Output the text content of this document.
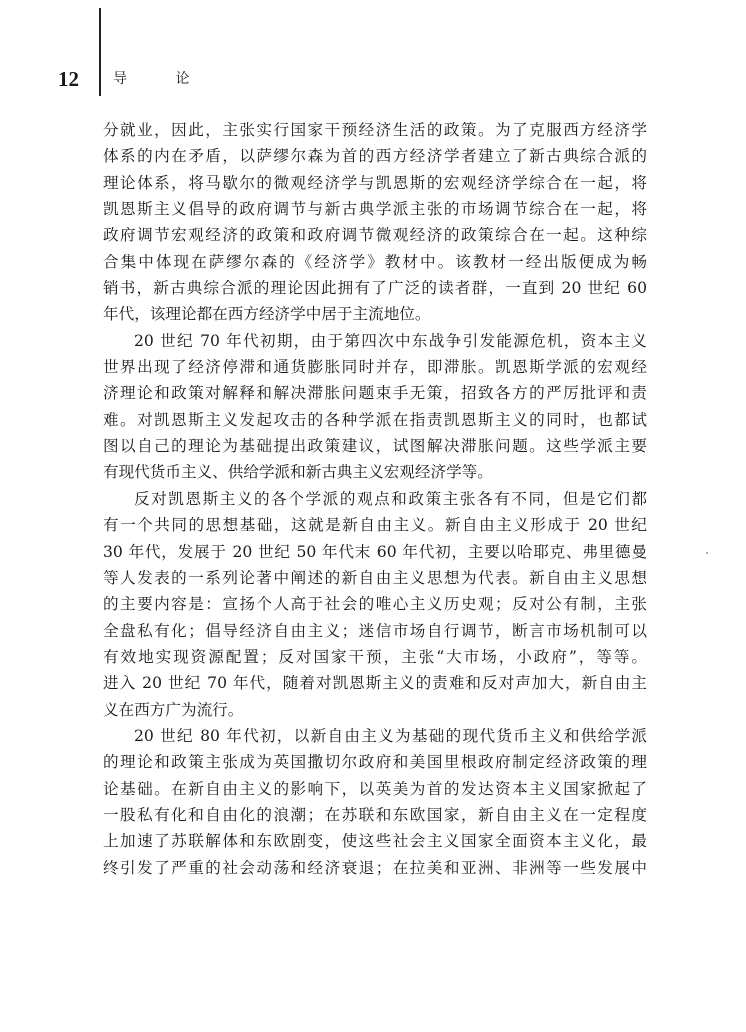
12 导 论
分就业，因此，主张实行国家干预经济生活的政策。为了克服西方经济学
体系的内在矛盾，以萨缪尔森为首的西方经济学者建立了新古典综合派的
理论体系，将马歇尔的微观经济学与凯恩斯的宏观经济学综合在一起，将
凯恩斯主义倡导的政府调节与新古典学派主张的市场调节综合在一起，将
政府调节宏观经济的政策和政府调节微观经济的政策综合在一起。这种综
合集中体现在萨缪尔森的《经济学》教材中。该教材一经出版便成为畅
销书，新古典综合派的理论因此拥有了广泛的读者群，一直到 20 世纪 60
年代，该理论都在西方经济学中居于主流地位。
20 世纪 70 年代初期，由于第四次中东战争引发能源危机，资本主义
世界出现了经济停滞和通货膨胀同时并存，即滞胀。凯恩斯学派的宏观经
济理论和政策对解释和解决滞胀问题束手无策，招致各方的严厉批评和责
难。对凯恩斯主义发起攻击的各种学派在指责凯恩斯主义的同时，也都试
图以自己的理论为基础提出政策建议，试图解决滞胀问题。这些学派主要
有现代货币主义、供给学派和新古典主义宏观经济学等。
反对凯恩斯主义的各个学派的观点和政策主张各有不同，但是它们都
有一个共同的思想基础，这就是新自由主义。新自由主义形成于 20 世纪
30 年代，发展于 20 世纪 50 年代末 60 年代初，主要以哈耶克、弗里德曼
等人发表的一系列论著中阐述的新自由主义思想为代表。新自由主义思想
的主要内容是：宣扬个人高于社会的唯心主义历史观；反对公有制，主张
全盘私有化；倡导经济自由主义；迷信市场自行调节，断言市场机制可以
有效地实现资源配置；反对国家干预，主张“大市场，小政府”，等等。
进入 20 世纪 70 年代，随着对凯恩斯主义的责难和反对声加大，新自由主
义在西方广为流行。
20 世纪 80 年代初，以新自由主义为基础的现代货币主义和供给学派
的理论和政策主张成为英国撒切尔政府和美国里根政府制定经济政策的理
论基础。在新自由主义的影响下，以英美为首的发达资本主义国家掀起了
一股私有化和自由化的浪潮；在苏联和东欧国家，新自由主义在一定程度
上加速了苏联解体和东欧剧变，使这些社会主义国家全面资本主义化，最
终引发了严重的社会动荡和经济衰退；在拉美和亚洲、非洲等一些发展中
